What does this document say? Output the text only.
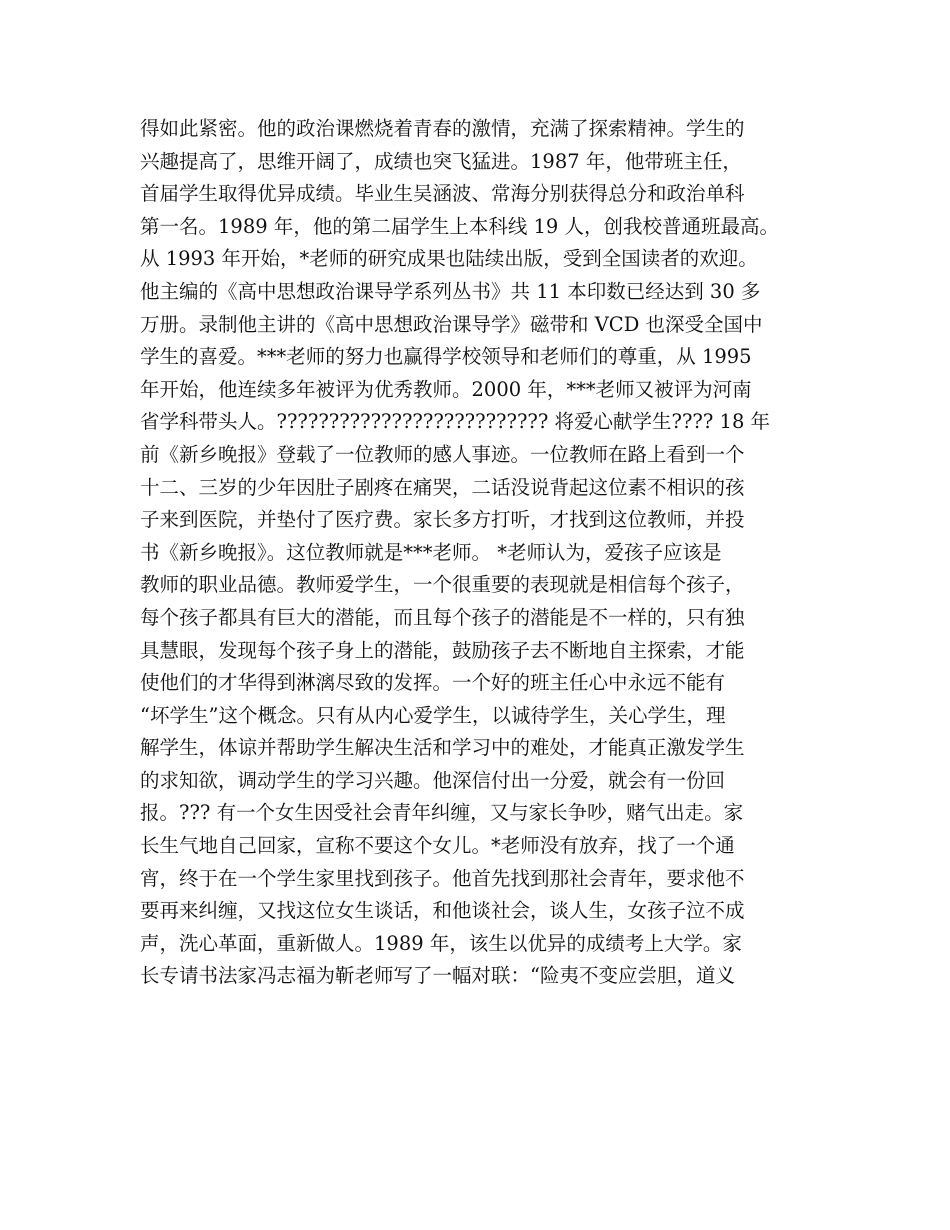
得如此紧密。他的政治课燃烧着青春的激情，充满了探索精神。学生的
兴趣提高了，思维开阔了，成绩也突飞猛进。1987 年，他带班主任，
首届学生取得优异成绩。毕业生吴涵波、常海分别获得总分和政治单科
第一名。1989 年，他的第二届学生上本科线 19 人，创我校普通班最高。
从 1993 年开始，*老师的研究成果也陆续出版，受到全国读者的欢迎。
他主编的《高中思想政治课导学系列丛书》共 11 本印数已经达到 30 多
万册。录制他主讲的《高中思想政治课导学》磁带和 VCD 也深受全国中
学生的喜爱。***老师的努力也赢得学校领导和老师们的尊重，从 1995
年开始，他连续多年被评为优秀教师。2000 年，***老师又被评为河南
省学科带头人。?????????????????????????? 将爱心献学生???? 18 年
前《新乡晚报》登载了一位教师的感人事迹。一位教师在路上看到一个
十二、三岁的少年因肚子剧疼在痛哭，二话没说背起这位素不相识的孩
子来到医院，并垫付了医疗费。家长多方打听，才找到这位教师，并投
书《新乡晚报》。这位教师就是***老师。 *老师认为，爱孩子应该是
教师的职业品德。教师爱学生，一个很重要的表现就是相信每个孩子，
每个孩子都具有巨大的潜能，而且每个孩子的潜能是不一样的，只有独
具慧眼，发现每个孩子身上的潜能，鼓励孩子去不断地自主探索，才能
使他们的才华得到淋漓尽致的发挥。一个好的班主任心中永远不能有
“坏学生”这个概念。只有从内心爱学生，以诚待学生，关心学生，理
解学生，体谅并帮助学生解决生活和学习中的难处，才能真正激发学生
的求知欲，调动学生的学习兴趣。他深信付出一分爱，就会有一份回
报。??? 有一个女生因受社会青年纠缠，又与家长争吵，赌气出走。家
长生气地自己回家，宣称不要这个女儿。*老师没有放弃，找了一个通
宵，终于在一个学生家里找到孩子。他首先找到那社会青年，要求他不
要再来纠缠，又找这位女生谈话，和他谈社会，谈人生，女孩子泣不成
声，洗心革面，重新做人。1989 年，该生以优异的成绩考上大学。家
长专请书法家冯志福为靳老师写了一幅对联：“险夷不变应尝胆，道义
